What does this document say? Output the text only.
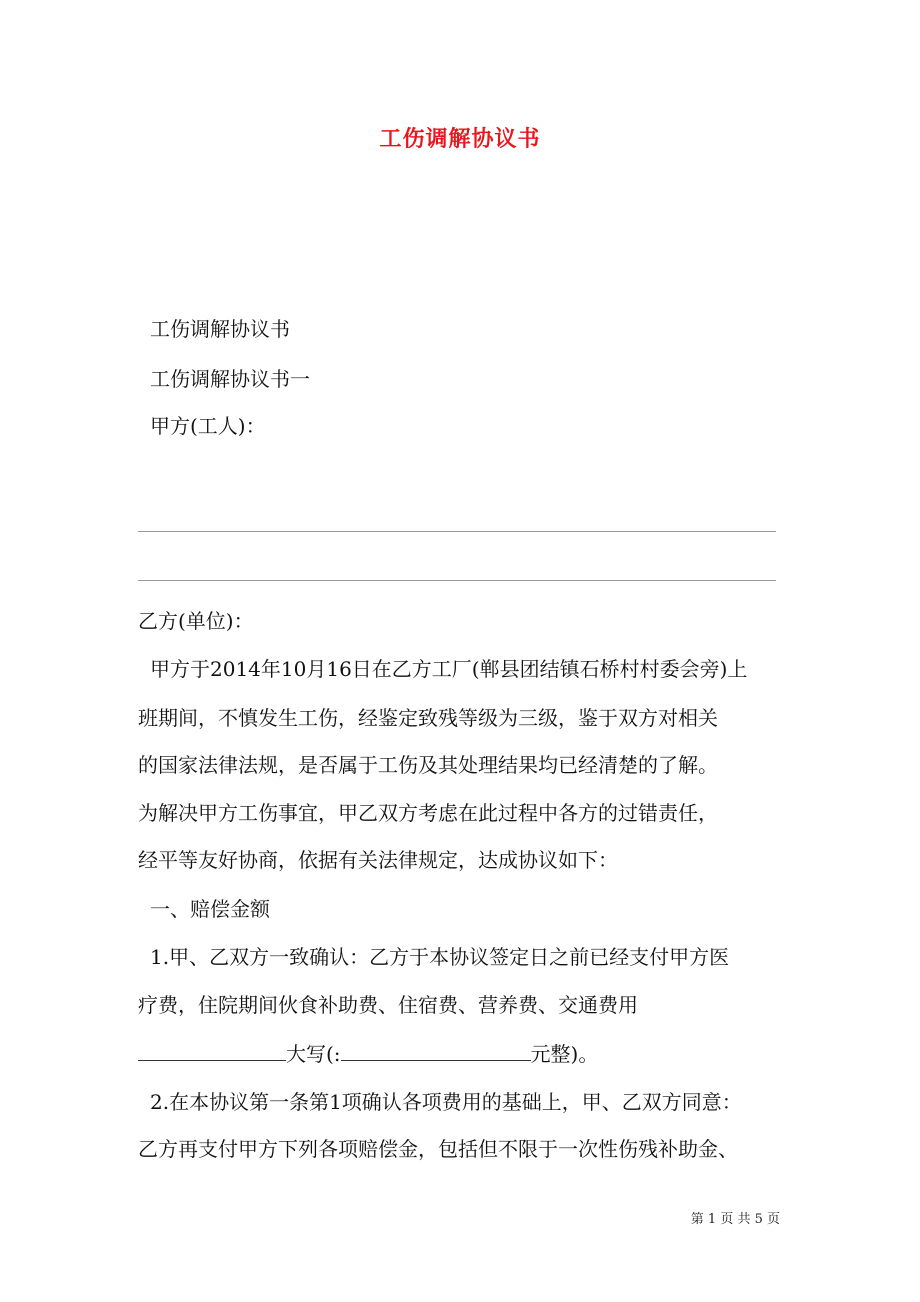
工伤调解协议书
工伤调解协议书
工伤调解协议书一
甲方(工人)：
乙方(单位)：
甲方于2014年10月16日在乙方工厂(郸县团结镇石桥村村委会旁)上
班期间，不慎发生工伤，经鉴定致残等级为三级，鉴于双方对相关
的国家法律法规，是否属于工伤及其处理结果均已经清楚的了解。
为解决甲方工伤事宜，甲乙双方考虑在此过程中各方的过错责任，
经平等友好协商，依据有关法律规定，达成协议如下：
一、赔偿金额
1.甲、乙双方一致确认：乙方于本协议签定日之前已经支付甲方医
疗费，住院期间伙食补助费、住宿费、营养费、交通费用
大写(:	元整)。
2.在本协议第一条第1项确认各项费用的基础上，甲、乙双方同意：
乙方再支付甲方下列各项赔偿金，包括但不限于一次性伤残补助金、
第 1 页 共 5 页
